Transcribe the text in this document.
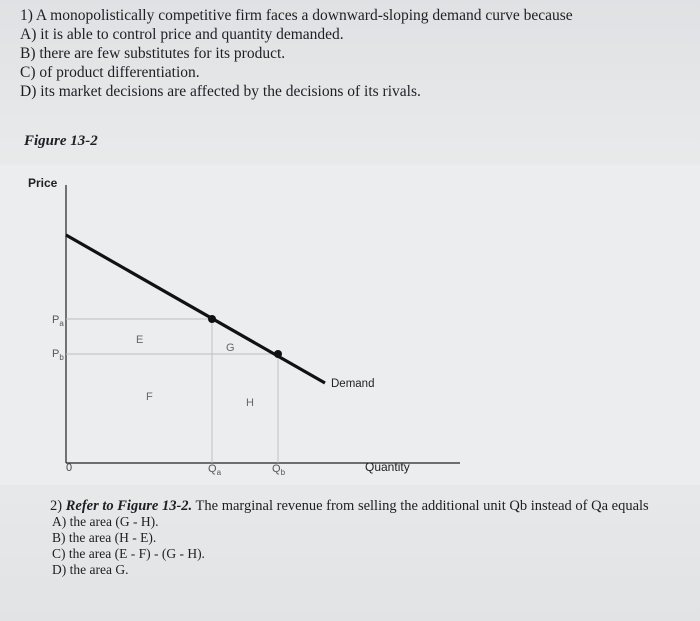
1) A monopolistically competitive firm faces a downward-sloping demand curve because
A) it is able to control price and quantity demanded.
B) there are few substitutes for its product.
C) of product differentiation.
D) its market decisions are affected by the decisions of its rivals.
Figure 13-2
Price
Quantity
0
$P_a$
$P_b$
$Q_a$	$Q_b$
E
G
F	H
Demand
2) Refer to Figure 13-2. The marginal revenue from selling the additional unit Qb instead of Qa equals
A) the area (G - H).
B) the area (H - E).
C) the area (E - F) - (G - H).
D) the area G.
